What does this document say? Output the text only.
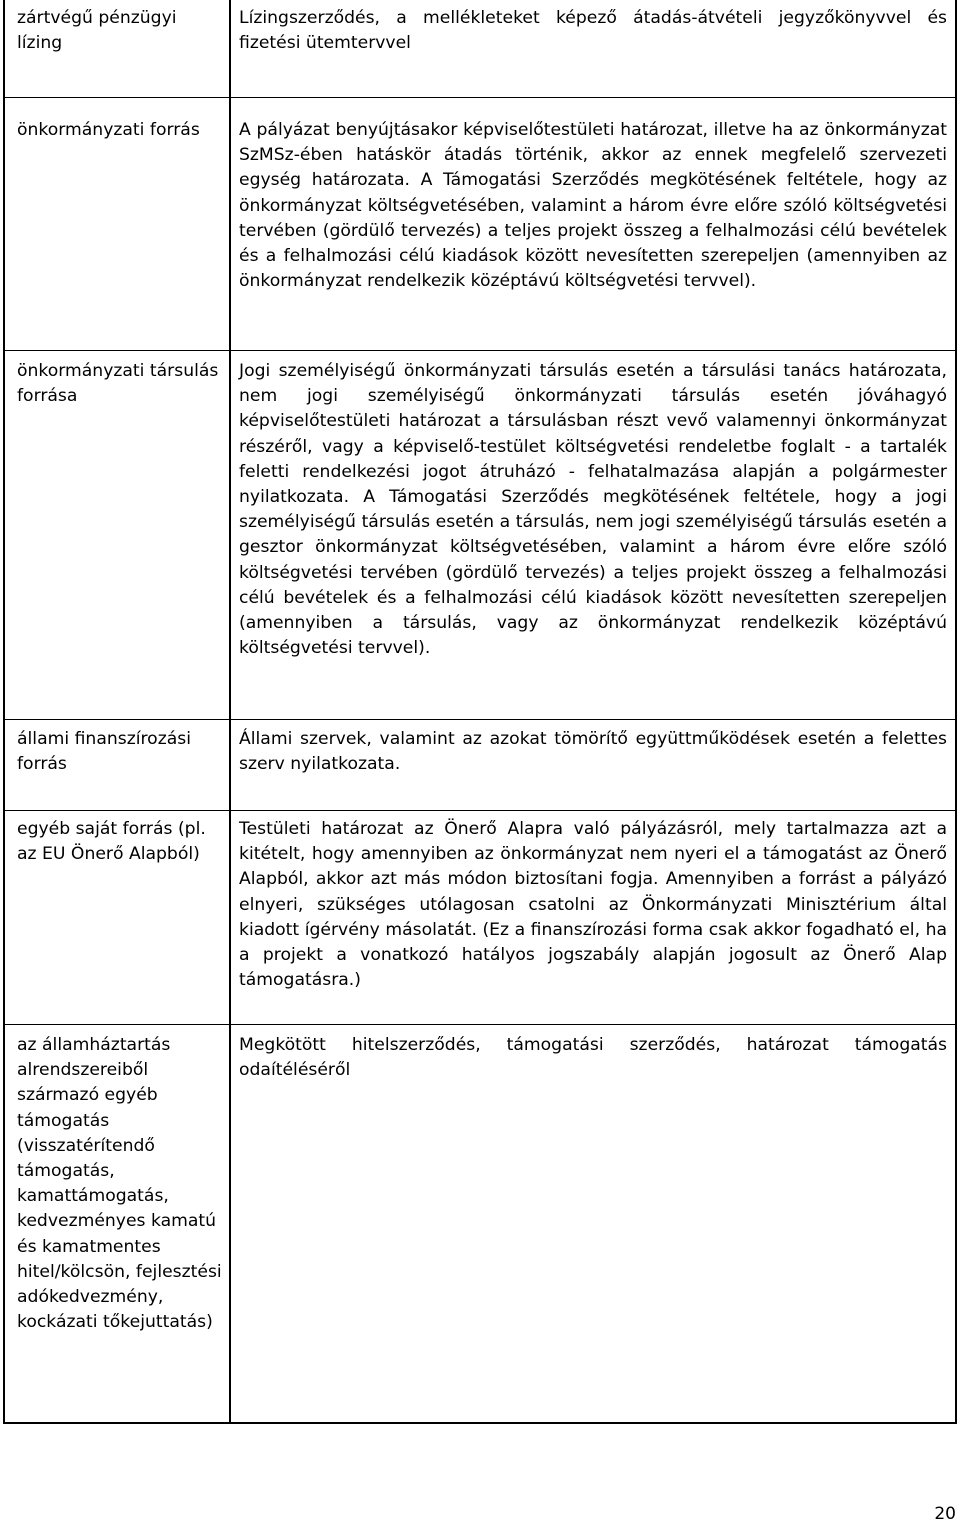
zártvégű pénzügyi lízing
Lízingszerződés, a mellékleteket képező átadás-átvételi jegyzőkönyvvel és fizetési ütemtervvel
önkormányzati forrás	A pályázat benyújtásakor képviselőtestületi határozat, illetve ha az önkormányzat SzMSz-ében hatáskör átadás történik, akkor az ennek megfelelő szervezeti egység határozata. A Támogatási Szerződés megkötésének feltétele, hogy az önkormányzat költségvetésében, valamint a három évre előre szóló költségvetési tervében (gördülő tervezés) a teljes projekt összeg a felhalmozási célú bevételek és a felhalmozási célú kiadások között nevesítetten szerepeljen (amennyiben az önkormányzat rendelkezik középtávú költségvetési tervvel).
önkormányzati társulás forrása
Jogi személyiségű önkormányzati társulás esetén a társulási tanács határozata, nem jogi személyiségű önkormányzati társulás esetén jóváhagyó képviselőtestületi határozat a társulásban részt vevő valamennyi önkormányzat részéről, vagy a képviselő-testület költségvetési rendeletbe foglalt - a tartalék feletti rendelkezési jogot átruházó - felhatalmazása alapján a polgármester nyilatkozata. A Támogatási Szerződés megkötésének feltétele, hogy a jogi személyiségű társulás esetén a társulás, nem jogi személyiségű társulás esetén a gesztor önkormányzat költségvetésében, valamint a három évre előre szóló költségvetési tervében (gördülő tervezés) a teljes projekt összeg a felhalmozási célú bevételek és a felhalmozási célú kiadások között nevesítetten szerepeljen (amennyiben a társulás, vagy az önkormányzat rendelkezik középtávú költségvetési tervvel).
állami finanszírozási forrás
Állami szervek, valamint az azokat tömörítő együttműködések esetén a felettes szerv nyilatkozata.
egyéb saját forrás (pl. az EU Önerő Alapból)
Testületi határozat az Önerő Alapra való pályázásról, mely tartalmazza azt a kitételt, hogy amennyiben az önkormányzat nem nyeri el a támogatást az Önerő Alapból, akkor azt más módon biztosítani fogja. Amennyiben a forrást a pályázó elnyeri, szükséges utólagosan csatolni az Önkormányzati Minisztérium által kiadott ígérvény másolatát. (Ez a finanszírozási forma csak akkor fogadható el, ha a projekt a vonatkozó hatályos jogszabály alapján jogosult az Önerő Alap támogatásra.)
az államháztartás alrendszereiből származó egyéb támogatás (visszatérítendő támogatás, kamattámogatás, kedvezményes kamatú és kamatmentes hitel/kölcsön, fejlesztési adókedvezmény, kockázati tőkejuttatás)
Megkötött hitelszerződés, támogatási szerződés, határozat támogatás odaítéléséről
20
